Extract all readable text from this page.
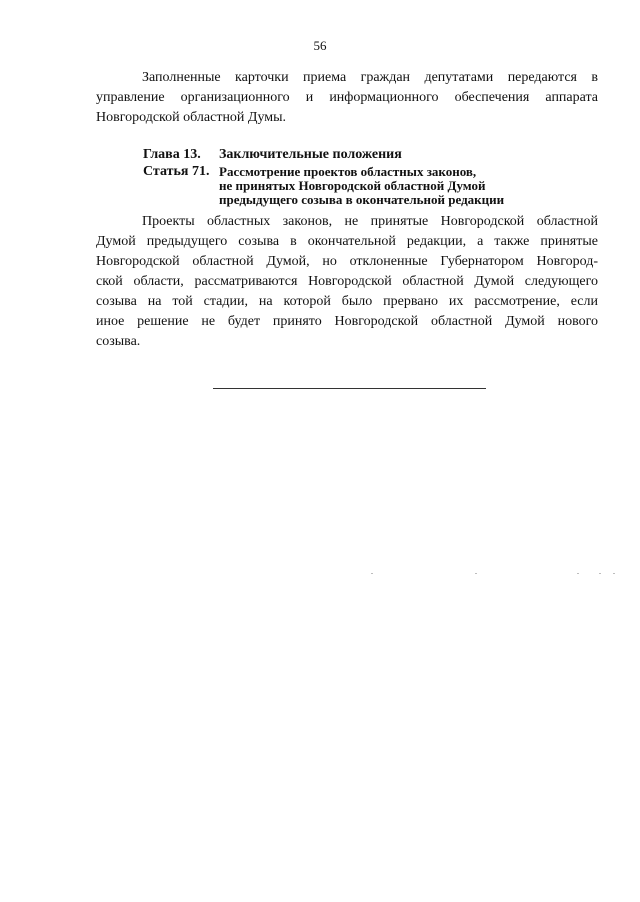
56
Заполненные карточки приема граждан депутатами передаются в
управление организационного и информационного обеспечения аппарата
Новгородской областной Думы.
Глава 13. Заключительные положения
Статья 71. Рассмотрение проектов областных законов,
не принятых Новгородской областной Думой
предыдущего созыва в окончательной редакции
Проекты областных законов, не принятые Новгородской областной
Думой предыдущего созыва в окончательной редакции, а также принятые
Новгородской областной Думой, но отклоненные Губернатором Новгород-
ской области, рассматриваются Новгородской областной Думой следующего
созыва на той стадии, на которой было прервано их рассмотрение, если
иное решение не будет принято Новгородской областной Думой нового
созыва.
